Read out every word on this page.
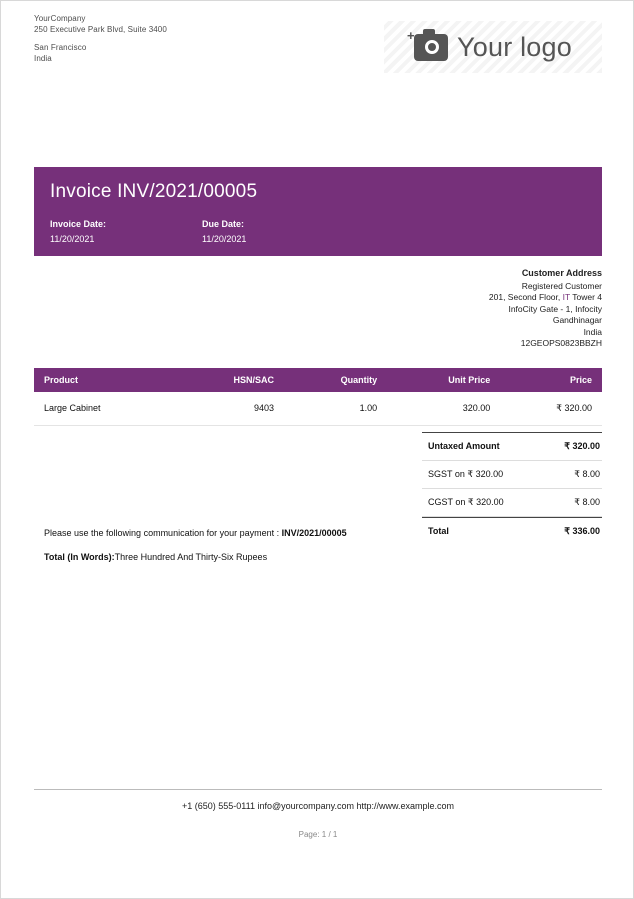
YourCompany
250 Executive Park Blvd, Suite 3400
San Francisco
India
+ Your logo
Invoice INV/2021/00005
Invoice Date:
11/20/2021
Due Date:
11/20/2021
Customer Address
Registered Customer
201, Second Floor, IT Tower 4
InfoCity Gate - 1, Infocity
Gandhinagar
India
12GEOPS0823BBZH
Product	HSN/SAC	Quantity	Unit Price	Price
Large Cabinet	9403	1.00	320.00	₹ 320.00
Untaxed Amount	₹ 320.00
SGST on ₹ 320.00	₹ 8.00
CGST on ₹ 320.00	₹ 8.00
Total	₹ 336.00
Please use the following communication for your payment : INV/2021/00005
Total (In Words):Three Hundred And Thirty-Six Rupees
+1 (650) 555-0111 info@yourcompany.com http://www.example.com
Page: 1 / 1
